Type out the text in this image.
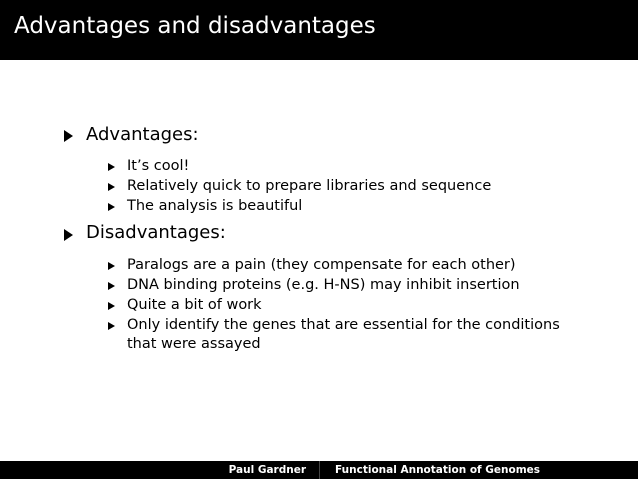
Advantages and disadvantages
Advantages:
It’s cool!
Relatively quick to prepare libraries and sequence
The analysis is beautiful
Disadvantages:
Paralogs are a pain (they compensate for each other)
DNA binding proteins (e.g. H-NS) may inhibit insertion
Quite a bit of work
Only identify the genes that are essential for the conditions
that were assayed
Paul Gardner	Functional Annotation of Genomes
